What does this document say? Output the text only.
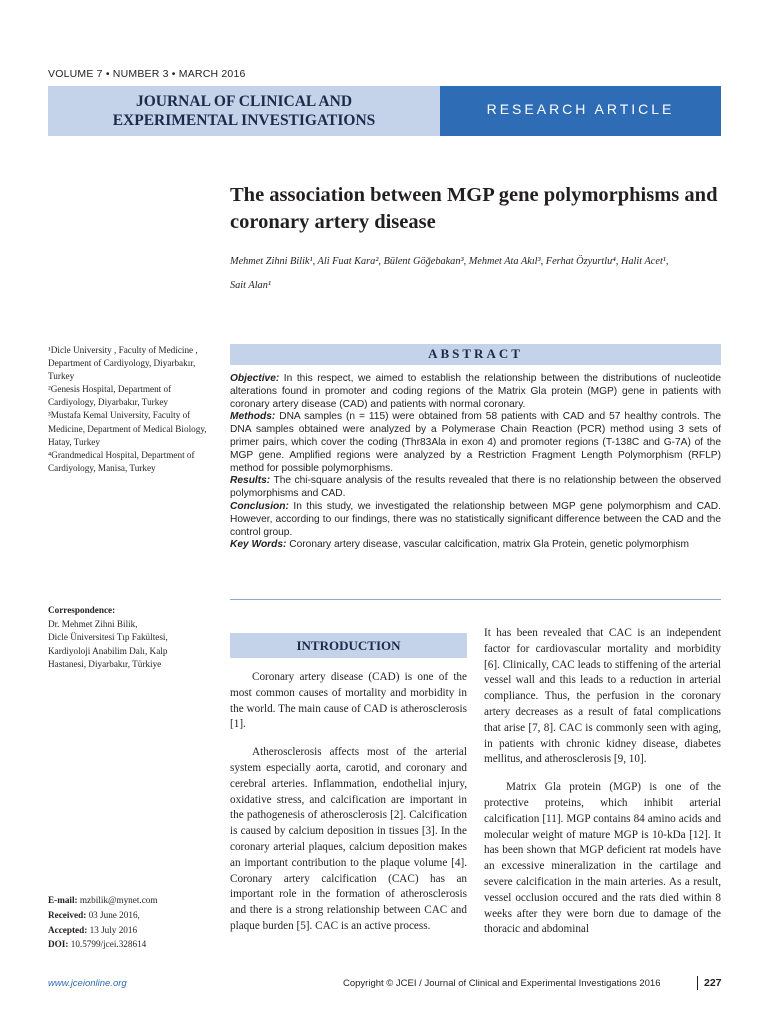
VOLUME 7 • NUMBER 3 • MARCH 2016
JOURNAL OF CLINICAL AND
EXPERIMENTAL INVESTIGATIONS
RESEARCH ARTICLE
The association between MGP gene polymorphisms and
coronary artery disease
Mehmet Zihni Bilik¹, Ali Fuat Kara², Bülent Göğebakan³, Mehmet Ata Akıl³, Ferhat Özyurtlu⁴, Halit Acet¹,
Sait Alan¹

¹Dicle University , Faculty of Medicine , Department of Cardiyology, Diyarbakır, Turkey

²Genesis Hospital, Department of Cardiyology, Diyarbakır, Turkey

³Mustafa Kemal University, Faculty of Medicine, Department of Medical Biology, Hatay, Turkey

⁴Grandmedical Hospital, Department of Cardiyology, Manisa, Turkey

ABSTRACT

Objective: In this respect, we aimed to establish the relationship between the distributions of nucleotide alterations found in promoter and coding regions of the Matrix Gla protein (MGP) gene in patients with coronary artery disease (CAD) and patients with normal coronary.

Methods: DNA samples (n = 115) were obtained from 58 patients with CAD and 57 healthy controls. The DNA samples obtained were analyzed by a Polymerase Chain Reaction (PCR) method using 3 sets of primer pairs, which cover the coding (Thr83Ala in exon 4) and promoter regions (T-138C and G-7A) of the MGP gene. Amplified regions were analyzed by a Restriction Fragment Length Polymorphism (RFLP) method for possible polymorphisms.

Results: The chi-square analysis of the results revealed that there is no relationship between the observed polymorphisms and CAD.

Conclusion: In this study, we investigated the relationship between MGP gene polymorphism and CAD. However, according to our findings, there was no statistically significant difference between the CAD and the control group.

Key Words: Coronary artery disease, vascular calcification, matrix Gla Protein, genetic polymorphism

Correspondence:

Dr. Mehmet Zihni Bilik,

Dicle Üniversitesi Tıp Fakültesi,

Kardiyoloji Anabilim Dalı, Kalp

Hastanesi, Diyarbakır, Türkiye

E-mail: mzbilik@mynet.com

Received: 03 June 2016,

Accepted: 13 July 2016

DOI: 10.5799/jcei.328614

INTRODUCTION

Coronary artery disease (CAD) is one of the most common causes of mortality and morbidity in the world. The main cause of CAD is atherosclerosis [1].

Atherosclerosis affects most of the arterial system especially aorta, carotid, and coronary and cerebral arteries. Inflammation, endothelial injury, oxidative stress, and calcification are important in the pathogenesis of atherosclerosis [2]. Calcification is caused by calcium deposition in tissues [3]. In the coronary arterial plaques, calcium deposition makes an important contribution to the plaque volume [4]. Coronary artery calcification (CAC) has an important role in the formation of atherosclerosis and there is a strong relationship between CAC and plaque burden [5]. CAC is an active process.

It has been revealed that CAC is an independent factor for cardiovascular mortality and morbidity [6]. Clinically, CAC leads to stiffening of the arterial vessel wall and this leads to a reduction in arterial compliance. Thus, the perfusion in the coronary artery decreases as a result of fatal complications that arise [7, 8]. CAC is commonly seen with aging, in patients with chronic kidney disease, diabetes mellitus, and atherosclerosis [9, 10].

Matrix Gla protein (MGP) is one of the protective proteins, which inhibit arterial calcification [11]. MGP contains 84 amino acids and molecular weight of mature MGP is 10-kDa [12]. It has been shown that MGP deficient rat models have an excessive mineralization in the cartilage and severe calcification in the main arteries. As a result, vessel occlusion occured and the rats died within 8 weeks after they were born due to damage of the thoracic and abdominal

www.jceionline.org	Copyright © JCEI / Journal of Clinical and Experimental Investigations 2016	227
